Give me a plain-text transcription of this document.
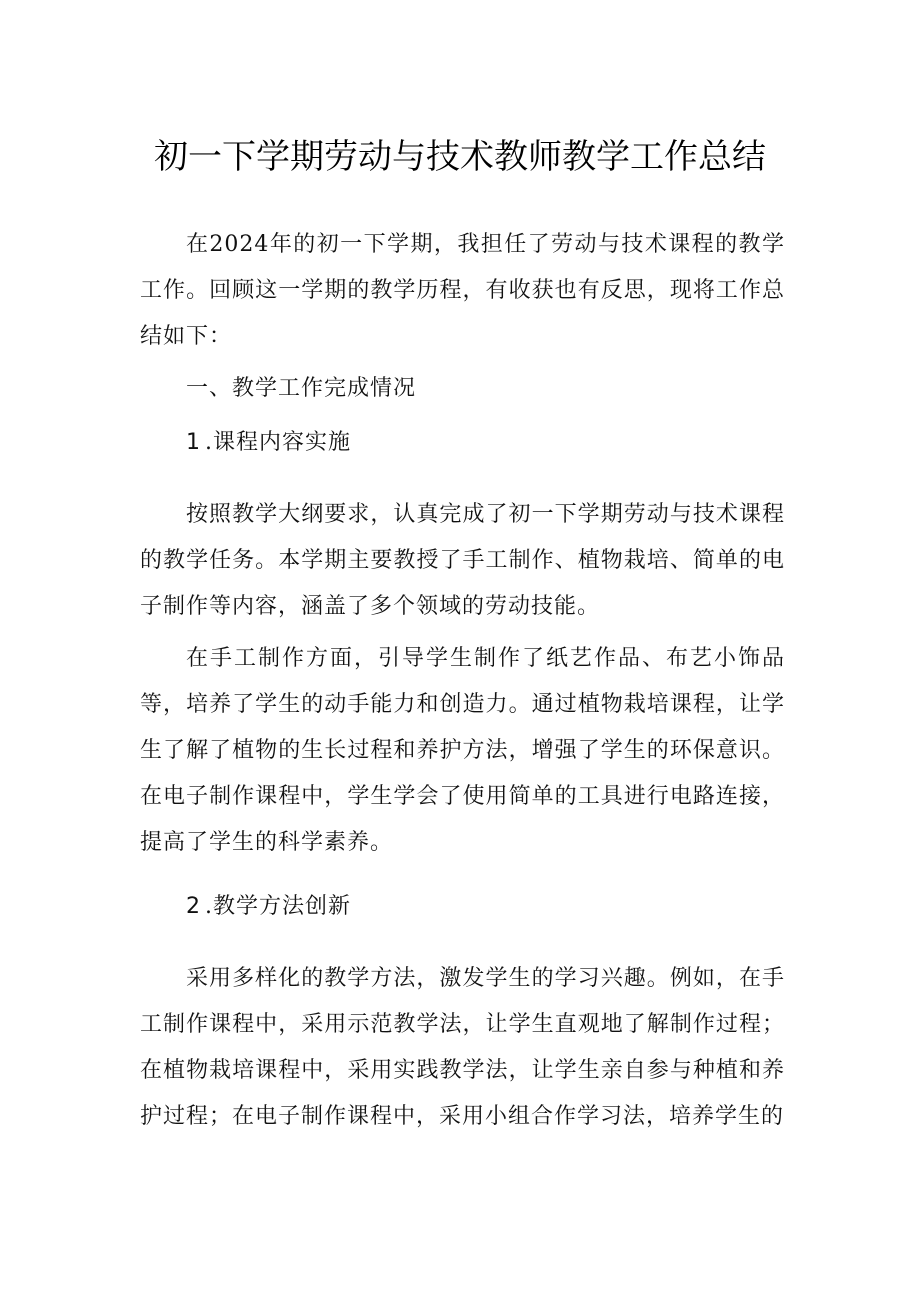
初一下学期劳动与技术教师教学工作总结
在2024年的初一下学期，我担任了劳动与技术课程的教学工作。回顾这一学期的教学历程，有收获也有反思，现将工作总结如下：
一、教学工作完成情况
1 .课程内容实施
按照教学大纲要求，认真完成了初一下学期劳动与技术课程的教学任务。本学期主要教授了手工制作、植物栽培、简单的电子制作等内容，涵盖了多个领域的劳动技能。
在手工制作方面，引导学生制作了纸艺作品、布艺小饰品等，培养了学生的动手能力和创造力。通过植物栽培课程，让学生了解了植物的生长过程和养护方法，增强了学生的环保意识。在电子制作课程中，学生学会了使用简单的工具进行电路连接，提高了学生的科学素养。
2 .教学方法创新
采用多样化的教学方法，激发学生的学习兴趣。例如，在手工制作课程中，采用示范教学法，让学生直观地了解制作过程；在植物栽培课程中，采用实践教学法，让学生亲自参与种植和养护过程；在电子制作课程中，采用小组合作学习法，培养学生的
